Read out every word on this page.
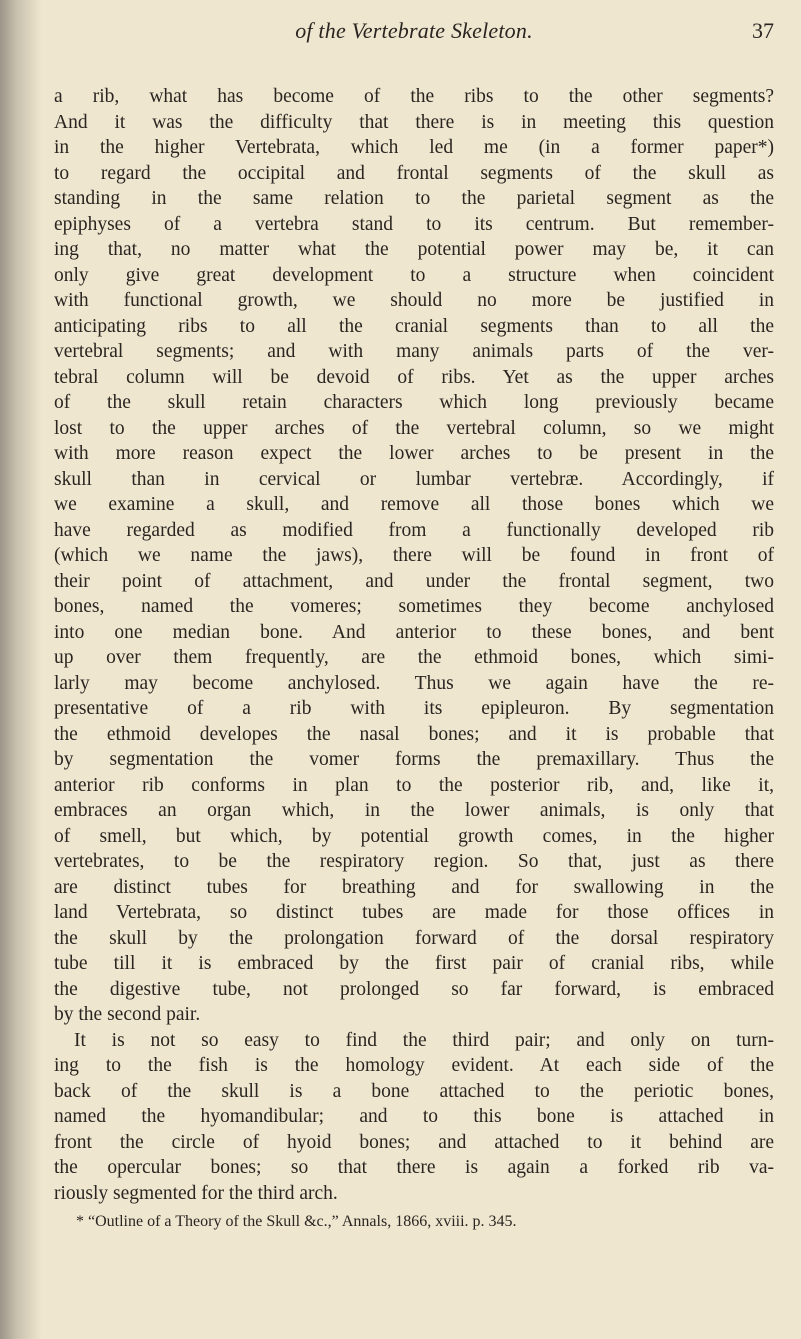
of the Vertebrate Skeleton.	37
a rib, what has become of the ribs to the other segments?
And it was the difficulty that there is in meeting this question
in the higher Vertebrata, which led me (in a former paper*)
to regard the occipital and frontal segments of the skull as
standing in the same relation to the parietal segment as the
epiphyses of a vertebra stand to its centrum. But remember-
ing that, no matter what the potential power may be, it can
only give great development to a structure when coincident
with functional growth, we should no more be justified in
anticipating ribs to all the cranial segments than to all the
vertebral segments; and with many animals parts of the ver-
tebral column will be devoid of ribs. Yet as the upper arches
of the skull retain characters which long previously became
lost to the upper arches of the vertebral column, so we might
with more reason expect the lower arches to be present in the
skull than in cervical or lumbar vertebræ. Accordingly, if
we examine a skull, and remove all those bones which we
have regarded as modified from a functionally developed rib
(which we name the jaws), there will be found in front of
their point of attachment, and under the frontal segment, two
bones, named the vomeres; sometimes they become anchylosed
into one median bone. And anterior to these bones, and bent
up over them frequently, are the ethmoid bones, which simi-
larly may become anchylosed. Thus we again have the re-
presentative of a rib with its epipleuron. By segmentation
the ethmoid developes the nasal bones; and it is probable that
by segmentation the vomer forms the premaxillary. Thus the
anterior rib conforms in plan to the posterior rib, and, like it,
embraces an organ which, in the lower animals, is only that
of smell, but which, by potential growth comes, in the higher
vertebrates, to be the respiratory region. So that, just as there
are distinct tubes for breathing and for swallowing in the
land Vertebrata, so distinct tubes are made for those offices in
the skull by the prolongation forward of the dorsal respiratory
tube till it is embraced by the first pair of cranial ribs, while
the digestive tube, not prolonged so far forward, is embraced
by the second pair.
It is not so easy to find the third pair; and only on turn-
ing to the fish is the homology evident. At each side of the
back of the skull is a bone attached to the periotic bones,
named the hyomandibular; and to this bone is attached in
front the circle of hyoid bones; and attached to it behind are
the opercular bones; so that there is again a forked rib va-
riously segmented for the third arch.
* “Outline of a Theory of the Skull &c.,” Annals, 1866, xviii. p. 345.
